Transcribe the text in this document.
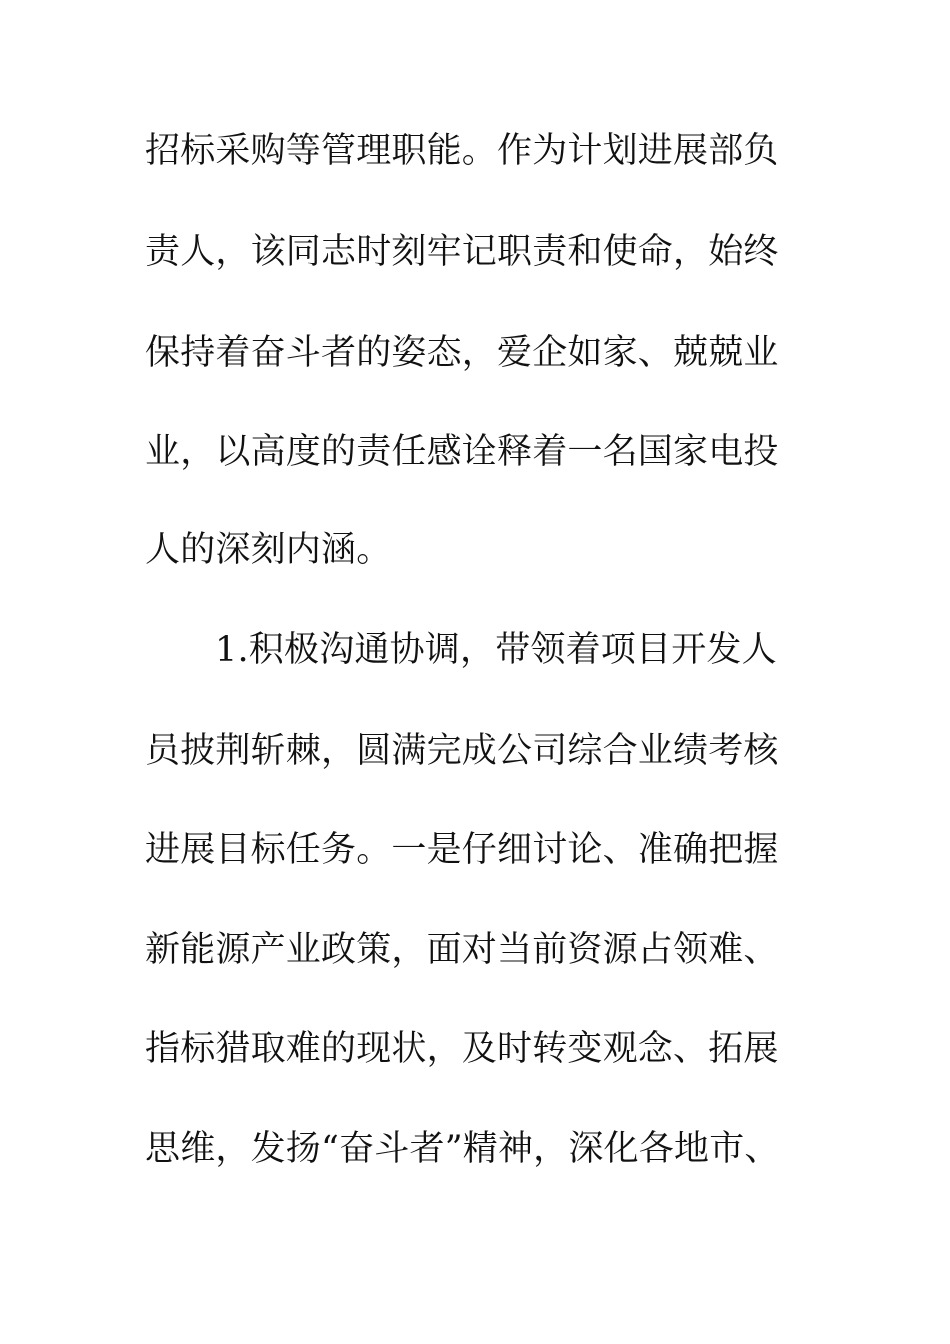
招标采购等管理职能。作为计划进展部负
责人，该同志时刻牢记职责和使命，始终
保持着奋斗者的姿态，爱企如家、兢兢业
业，以高度的责任感诠释着一名国家电投
人的深刻内涵。
1.积极沟通协调，带领着项目开发人
员披荆斩棘，圆满完成公司综合业绩考核
进展目标任务。一是仔细讨论、准确把握
新能源产业政策，面对当前资源占领难、
指标猎取难的现状，及时转变观念、拓展
思维，发扬“奋斗者”精神，深化各地市、
